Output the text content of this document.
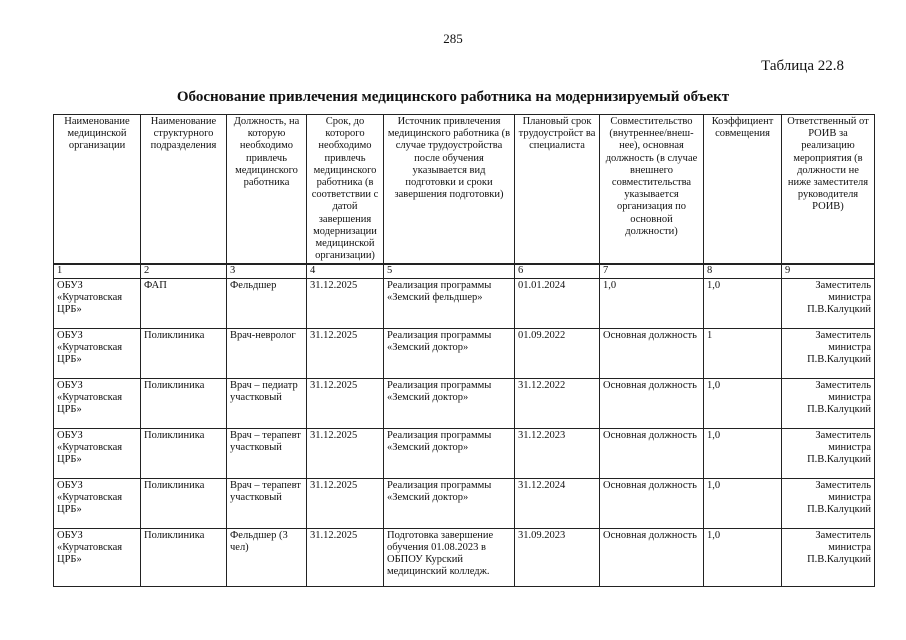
285
Таблица 22.8
Обоснование привлечения медицинского работника на модернизируемый объект
Наименование медицинской организации	Наименование структурного подразделения	Должность, на которую необходимо привлечь медицинского работника	Срок, до которого необходимо привлечь медицинского работника (в соответствии с датой завершения модернизации медицинской организации)	Источник привлечения медицинского работника (в случае трудоустройства после обучения указывается вид подготовки и сроки завершения подготовки)	Плановый срок трудоустройст ва специалиста	Совместительство (внутреннее/внеш-нее), основная должность (в случае внешнего совместительства указывается организация по основной должности)	Коэффициент совмещения	Ответственный от РОИВ за реализацию мероприятия (в должности не ниже заместителя руководителя РОИВ)
1	2	3	4	5	6	7	8	9
ОБУЗ «Курчатовская ЦРБ»	ФАП	Фельдшер	31.12.2025	Реализация программы «Земский фельдшер»	01.01.2024	1,0	1,0	Заместитель министра П.В.Калуцкий
ОБУЗ «Курчатовская ЦРБ»	Поликлиника	Врач-невролог	31.12.2025	Реализация программы «Земский доктор»	01.09.2022	Основная должность	1	Заместитель министра П.В.Калуцкий
ОБУЗ «Курчатовская ЦРБ»	Поликлиника	Врач – педиатр участковый	31.12.2025	Реализация программы «Земский доктор»	31.12.2022	Основная должность	1,0	Заместитель министра П.В.Калуцкий
ОБУЗ «Курчатовская ЦРБ»	Поликлиника	Врач – терапевт участковый	31.12.2025	Реализация программы «Земский доктор»	31.12.2023	Основная должность	1,0	Заместитель министра П.В.Калуцкий
ОБУЗ «Курчатовская ЦРБ»	Поликлиника	Врач – терапевт участковый	31.12.2025	Реализация программы «Земский доктор»	31.12.2024	Основная должность	1,0	Заместитель министра П.В.Калуцкий
ОБУЗ «Курчатовская ЦРБ»	Поликлиника	Фельдшер (3 чел)	31.12.2025	Подготовка завершение обучения 01.08.2023 в ОБПОУ Курский медицинский колледж.	31.09.2023	Основная должность	1,0	Заместитель министра П.В.Калуцкий
